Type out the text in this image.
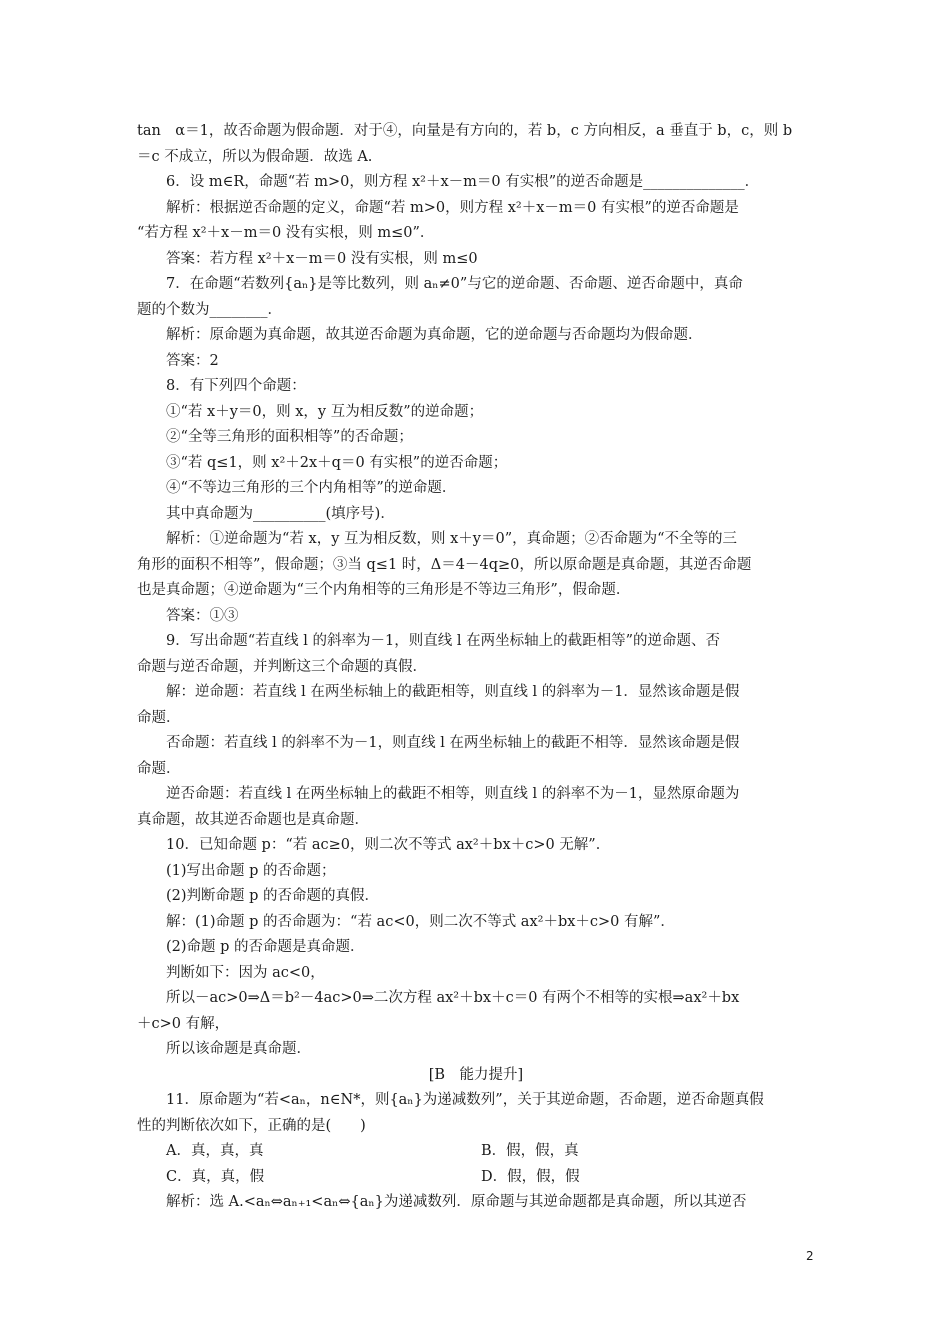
tan　α＝1，故否命题为假命题．对于④，向量是有方向的，若 b，c 方向相反，a 垂直于 b，c，则 b
＝c 不成立，所以为假命题．故选 A.
6．设 m∈R，命题“若 m>0，则方程 x²＋x－m＝0 有实根”的逆否命题是______________．
解析：根据逆否命题的定义，命题“若 m>0，则方程 x²＋x－m＝0 有实根”的逆否命题是
“若方程 x²＋x－m＝0 没有实根，则 m≤0”．
答案：若方程 x²＋x－m＝0 没有实根，则 m≤0
7．在命题“若数列{aₙ}是等比数列，则 aₙ≠0”与它的逆命题、否命题、逆否命题中，真命
题的个数为________．
解析：原命题为真命题，故其逆否命题为真命题，它的逆命题与否命题均为假命题．
答案：2
8．有下列四个命题：
①“若 x＋y＝0，则 x，y 互为相反数”的逆命题；
②“全等三角形的面积相等”的否命题；
③“若 q≤1，则 x²＋2x＋q＝0 有实根”的逆否命题；
④“不等边三角形的三个内角相等”的逆命题．
其中真命题为__________(填序号)．
解析：①逆命题为“若 x，y 互为相反数，则 x＋y＝0”，真命题；②否命题为“不全等的三
角形的面积不相等”，假命题；③当 q≤1 时，Δ＝4－4q≥0，所以原命题是真命题，其逆否命题
也是真命题；④逆命题为“三个内角相等的三角形是不等边三角形”，假命题．
答案：①③
9．写出命题“若直线 l 的斜率为－1，则直线 l 在两坐标轴上的截距相等”的逆命题、否
命题与逆否命题，并判断这三个命题的真假．
解：逆命题：若直线 l 在两坐标轴上的截距相等，则直线 l 的斜率为－1．显然该命题是假
命题．
否命题：若直线 l 的斜率不为－1，则直线 l 在两坐标轴上的截距不相等．显然该命题是假
命题．
逆否命题：若直线 l 在两坐标轴上的截距不相等，则直线 l 的斜率不为－1，显然原命题为
真命题，故其逆否命题也是真命题．
10．已知命题 p：“若 ac≥0，则二次不等式 ax²＋bx＋c>0 无解”．
(1)写出命题 p 的否命题；
(2)判断命题 p 的否命题的真假．
解：(1)命题 p 的否命题为：“若 ac<0，则二次不等式 ax²＋bx＋c>0 有解”．
(2)命题 p 的否命题是真命题．
判断如下：因为 ac<0，
所以－ac>0⇒Δ＝b²－4ac>0⇒二次方程 ax²＋bx＋c＝0 有两个不相等的实根⇒ax²＋bx
＋c>0 有解，
所以该命题是真命题．
[B　能力提升]
11．原命题为“若<aₙ，n∈N*，则{aₙ}为递减数列”，关于其逆命题，否命题，逆否命题真假
性的判断依次如下，正确的是(　　)
A．真，真，真	B．假，假，真
C．真，真，假	D．假，假，假
解析：选 A.<aₙ⇔aₙ₊₁<aₙ⇔{aₙ}为递减数列．原命题与其逆命题都是真命题，所以其逆否
2
